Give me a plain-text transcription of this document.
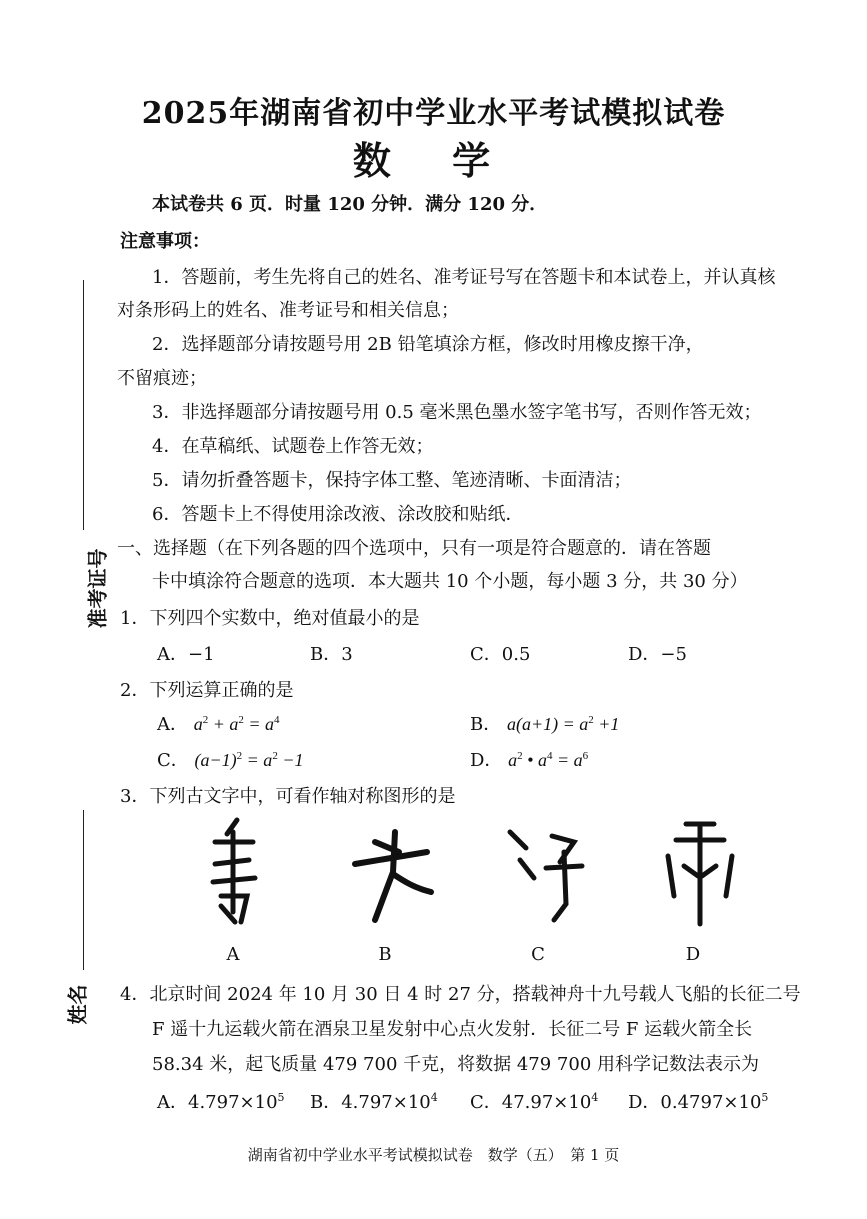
2025年湖南省初中学业水平考试模拟试卷
数 学
本试卷共 6 页．时量 120 分钟．满分 120 分．
注意事项：
1．答题前，考生先将自己的姓名、准考证号写在答题卡和本试卷上，并认真核
对条形码上的姓名、准考证号和相关信息；
2．选择题部分请按题号用 2B 铅笔填涂方框，修改时用橡皮擦干净，
不留痕迹；
3．非选择题部分请按题号用 0.5 毫米黑色墨水签字笔书写，否则作答无效；
4．在草稿纸、试题卷上作答无效；
5．请勿折叠答题卡，保持字体工整、笔迹清晰、卡面清洁；
6．答题卡上不得使用涂改液、涂改胶和贴纸．
一、选择题（在下列各题的四个选项中，只有一项是符合题意的．请在答题
卡中填涂符合题意的选项．本大题共 10 个小题，每小题 3 分，共 30 分）
1．下列四个实数中，绝对值最小的是
A．−1	B．3	C．0.5	D．−5
2．下列运算正确的是
A． $a^2 + a^2 = a^4$	B． $a(a+1) = a^2 +1$
C． $(a-1)^2 = a^2 -1$	D． $a^2$ • $a^4 = a^6$
3．下列古文字中，可看作轴对称图形的是
A	B	C	D
4．北京时间 2024 年 10 月 30 日 4 时 27 分，搭载神舟十九号载人飞船的长征二号
F 遥十九运载火箭在酒泉卫星发射中心点火发射．长征二号 F 运载火箭全长
58.34 米，起飞质量 479 700 千克，将数据 479 700 用科学记数法表示为
A．$4.797\times 10^5$ B．$4.797\times 10^4$ C．$47.97\times 10^4$ D．$0.4797\times 10^5$
准考证号
姓名
湖南省初中学业水平考试模拟试卷　数学（五）　第 1 页
